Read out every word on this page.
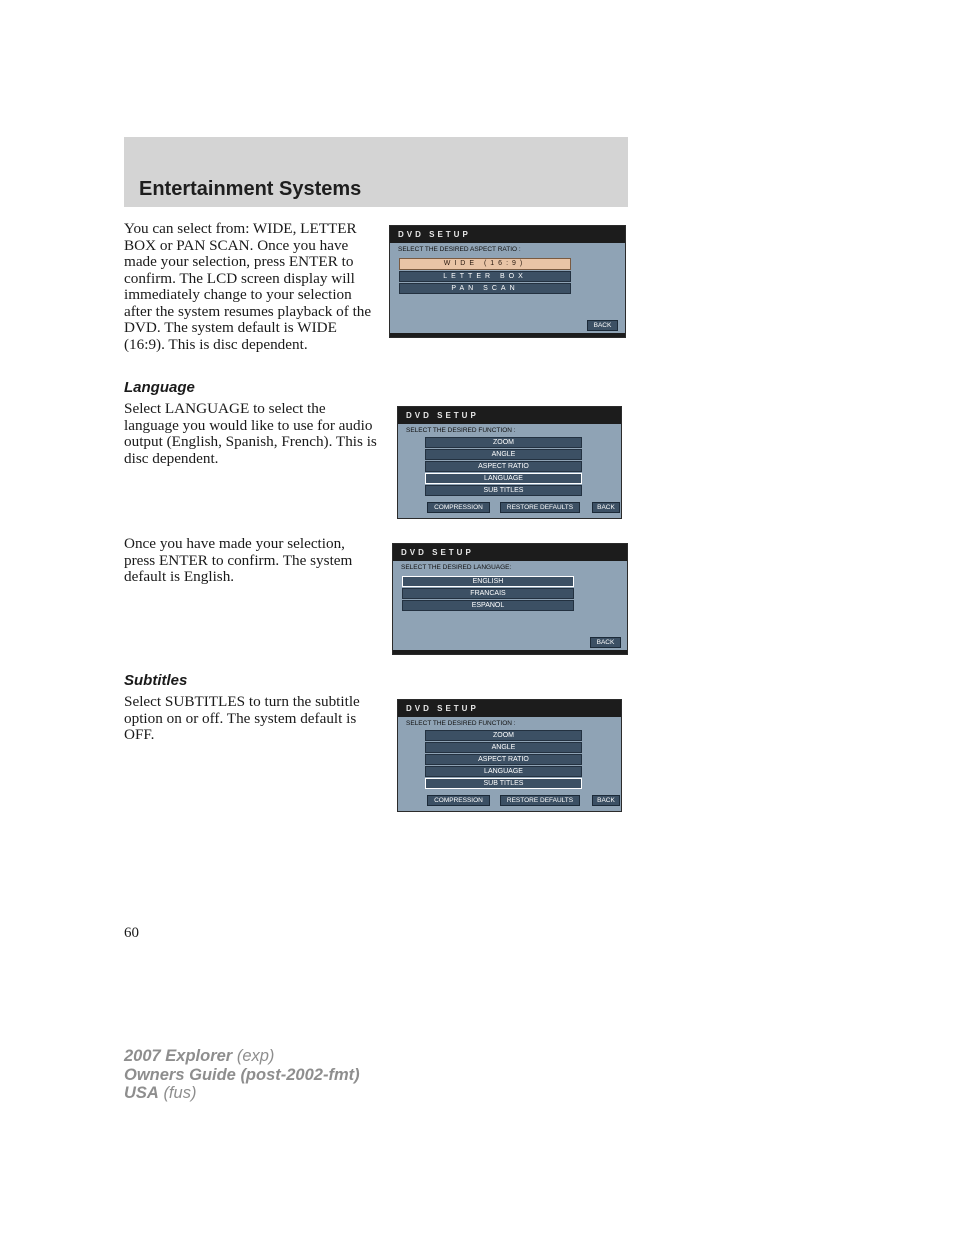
Entertainment Systems

You can select from: WIDE, LETTER BOX or PAN SCAN. Once you have made your selection, press ENTER to confirm. The LCD screen display will immediately change to your selection after the system resumes playback of the DVD. The system default is WIDE (16:9). This is disc dependent.

DVD SETUP
SELECT THE DESIRED ASPECT RATIO :
WIDE (16:9)
LETTER BOX
PAN SCAN
BACK
Language

Select LANGUAGE to select the language you would like to use for audio output (English, Spanish, French). This is disc dependent.

DVD SETUP
SELECT THE DESIRED FUNCTION :
ZOOM
ANGLE
ASPECT RATIO
LANGUAGE
SUB TITLES
COMPRESSION	RESTORE DEFAULTS	BACK

Once you have made your selection, press ENTER to confirm. The system default is English.

DVD SETUP
SELECT THE DESIRED LANGUAGE:
ENGLISH
FRANCAIS
ESPANOL
BACK
Subtitles

Select SUBTITLES to turn the subtitle option on or off. The system default is OFF.

DVD SETUP
SELECT THE DESIRED FUNCTION :
ZOOM
ANGLE
ASPECT RATIO
LANGUAGE
SUB TITLES
COMPRESSION	RESTORE DEFAULTS	BACK
60
2007 Explorer (exp)
Owners Guide (post-2002-fmt)
USA (fus)
